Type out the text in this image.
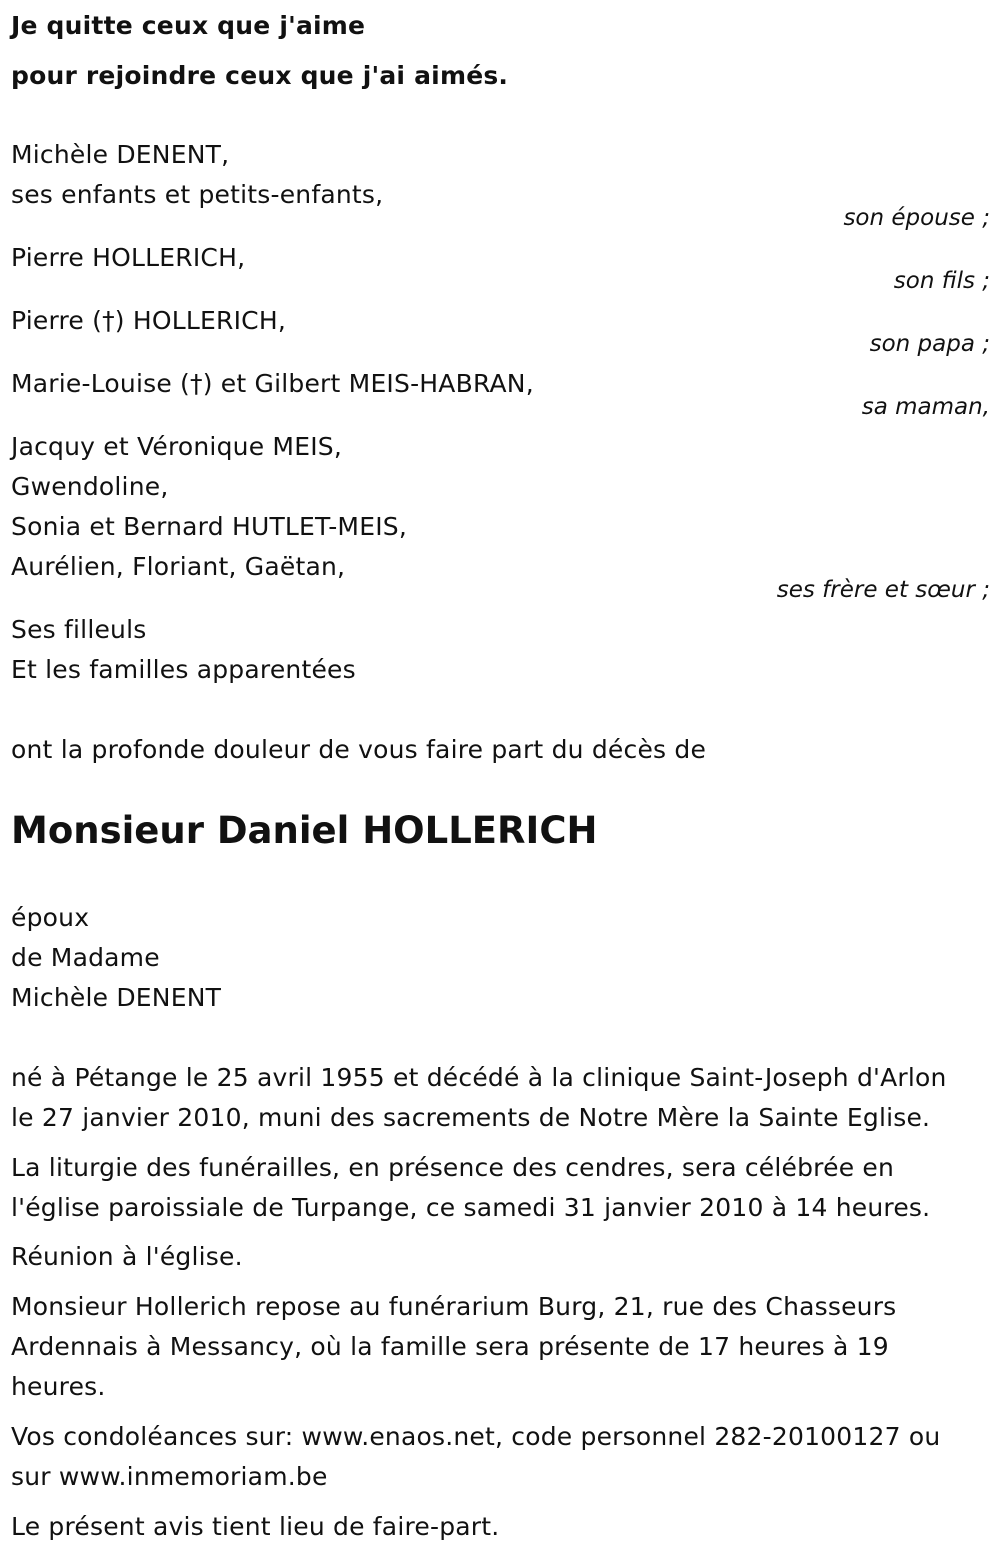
Je quitte ceux que j'aime
pour rejoindre ceux que j'ai aimés.
Michèle DENENT,
ses enfants et petits-enfants,
son épouse ;
Pierre HOLLERICH,
son fils ;
Pierre (†) HOLLERICH,
son papa ;
Marie-Louise (†) et Gilbert MEIS-HABRAN,
sa maman,
Jacquy et Véronique MEIS,
Gwendoline,
Sonia et Bernard HUTLET-MEIS,
Aurélien, Floriant, Gaëtan,
ses frère et sœur ;
Ses filleuls
Et les familles apparentées
ont la profonde douleur de vous faire part du décès de
Monsieur Daniel HOLLERICH
époux
de Madame
Michèle DENENT
né à Pétange le 25 avril 1955 et décédé à la clinique Saint-Joseph d'Arlon
le 27 janvier 2010, muni des sacrements de Notre Mère la Sainte Eglise.
La liturgie des funérailles, en présence des cendres, sera célébrée en
l'église paroissiale de Turpange, ce samedi 31 janvier 2010 à 14 heures.
Réunion à l'église.
Monsieur Hollerich repose au funérarium Burg, 21, rue des Chasseurs
Ardennais à Messancy, où la famille sera présente de 17 heures à 19
heures.
Vos condoléances sur: www.enaos.net, code personnel 282-20100127 ou
sur www.inmemoriam.be
Le présent avis tient lieu de faire-part.
